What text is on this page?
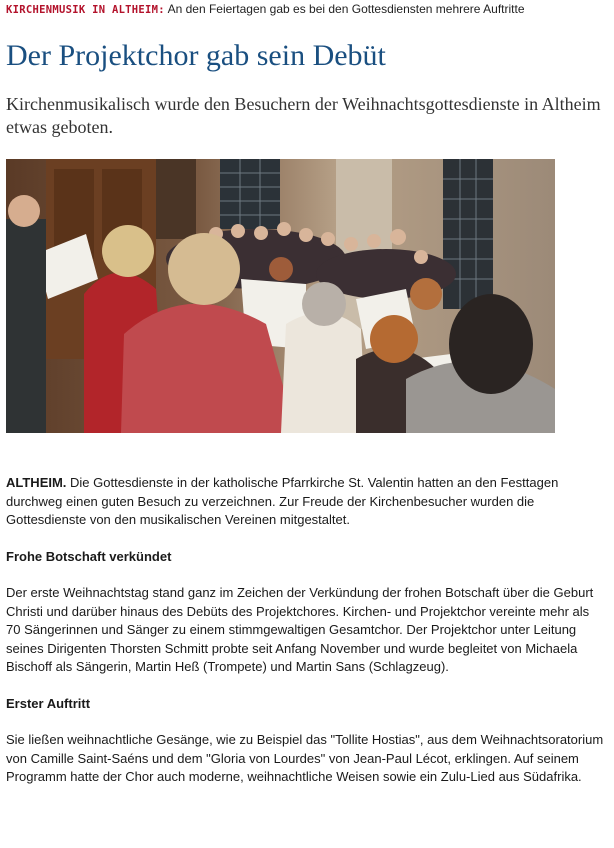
KIRCHENMUSIK IN ALTHEIM: An den Feiertagen gab es bei den Gottesdiensten mehrere Auftritte
Der Projektchor gab sein Debüt

Kirchenmusikalisch wurde den Besuchern der Weihnachtsgottesdienste in Altheim etwas geboten.

ALTHEIM. Die Gottesdienste in der katholische Pfarrkirche St. Valentin hatten an den Festtagen durchweg einen guten Besuch zu verzeichnen. Zur Freude der Kirchenbesucher wurden die Gottesdienste von den musikalischen Vereinen mitgestaltet.

Frohe Botschaft verkündet

Der erste Weihnachtstag stand ganz im Zeichen der Verkündung der frohen Botschaft über die Geburt Christi und darüber hinaus des Debüts des Projektchores. Kirchen- und Projektchor vereinte mehr als 70 Sängerinnen und Sänger zu einem stimmgewaltigen Gesamtchor. Der Projektchor unter Leitung seines Dirigenten Thorsten Schmitt probte seit Anfang November und wurde begleitet von Michaela Bischoff als Sängerin, Martin Heß (Trompete) und Martin Sans (Schlagzeug).

Erster Auftritt

Sie ließen weihnachtliche Gesänge, wie zu Beispiel das "Tollite Hostias", aus dem Weihnachtsoratorium von Camille Saint-Saéns und dem "Gloria von Lourdes" von Jean-Paul Lécot, erklingen. Auf seinem Programm hatte der Chor auch moderne, weihnachtliche Weisen sowie ein Zulu-Lied aus Südafrika.
